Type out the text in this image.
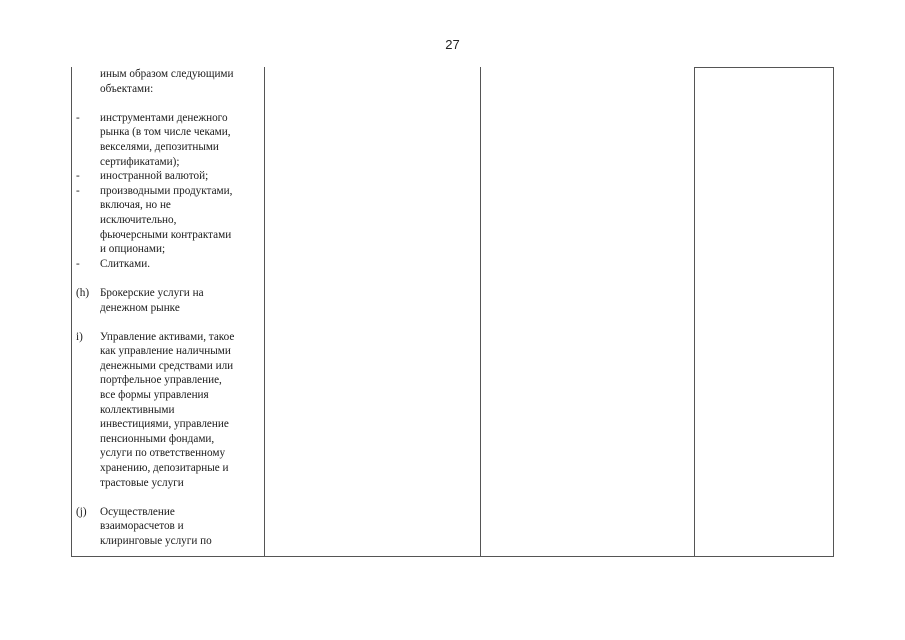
27
иным образом следующими
объектами:
-	инструментами денежного
рынка (в том числе чеками,
векселями, депозитными
сертификатами);
-	иностранной валютой;
-	производными продуктами,
включая, но не
исключительно,
фьючерсными контрактами
и опционами;
-	Слитками.
(h) Брокерские услуги на
денежном рынке
i)	Управление активами, такое
как управление наличными
денежными средствами или
портфельное управление,
все формы управления
коллективными
инвестициями, управление
пенсионными фондами,
услуги по ответственному
хранению, депозитарные и
трастовые услуги
(j)	Осуществление
взаиморасчетов и
клиринговые услуги по
